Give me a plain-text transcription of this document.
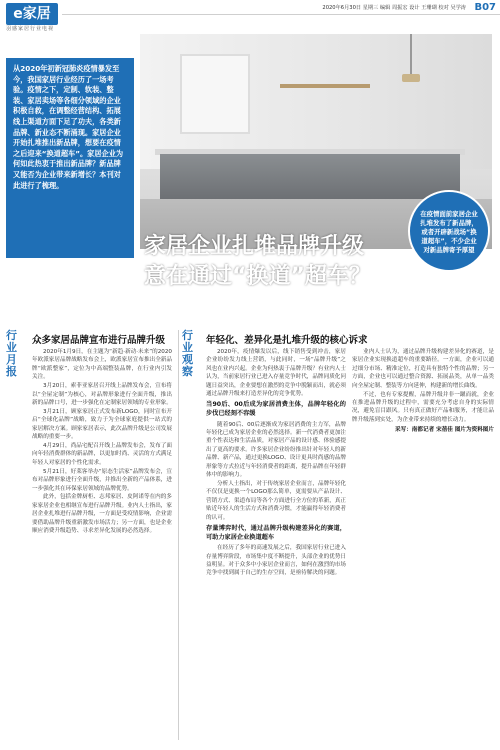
e家居
羽感家居行业电视
2020年6月30日 星期三 编辑 周振宏 设计 王珊瑚 校对 吴学涛 B07
从2020年初新冠肺炎疫情暴发至今，我国家居行业经历了一场考验。疫情之下，定制、软装、整装、家居卖场等各细分领域的企业积极自救，在调整经营结构、拓展线上渠道方面下足了功夫，各类新品牌、新业态不断涌现。家居企业开始扎堆推出新品牌，想要在疫情之后迎来“换道超车”。家居企业为何如此热衷于推出新品牌？新品牌又能否为企业带来新增长？本刊对此进行了梳理。
家居企业扎堆品牌升级
意在通过“换道”超车？
在疫情面前家居企业扎堆发布了新品牌，或者开辟新战场“换道超车”，不少企业对新品牌寄予厚望
行业月报
众多家居品牌宣布进行品牌升级

2020年1月9日，在主题为“新趋·新动·未来”的2020年欧派家居品牌战略发布会上，欧派家居宣布推出全新品牌“欧派整家”，定位为中高端整装品牌，在行业内引发关注。

3月20日，索菲亚家居召开线上品牌发布会，宣布将以“全屋定制”为核心，对品牌形象进行全面升级，推出新的品牌口号，进一步强化在定制家居领域的专业形象。

3月21日，顾家家居正式发布新LOGO，同时宣布开启“全球化品牌”战略，致力于为全球家庭提供一站式的家居解决方案。顾家家居表示，此次品牌升级是公司发展战略的重要一步。

4月29日，尚品宅配召开线上品牌发布会，发布了面向年轻消费群体的新品牌，以更加时尚、灵活的方式满足年轻人对家居的个性化需求。

5月21日，好莱客举办“原态生活家”品牌发布会，宣布对品牌形象进行全面升级，并推出全新的产品体系，进一步强化其在环保家居领域的品牌优势。

此外，包括金牌厨柜、志邦家居、皮阿诺等在内的多家家居企业也相继宣布进行品牌升级。业内人士指出，家居企业扎堆进行品牌升级，一方面是受疫情影响，企业需要借助品牌升级重新激发市场活力；另一方面，也是企业顺应消费升级趋势、寻求差异化发展的必然选择。

行业观察
年轻化、差异化是扎堆升级的核心诉求

2020年，疫情爆发以后，线下销售受到冲击，家居企业纷纷发力线上营销，与此同时，一场“品牌升级”之风也在业内兴起。企业为何热衷于品牌升级？有业内人士认为，当前家居行业已进入存量竞争时代，品牌同质化问题日益突出，企业要想在激烈的竞争中脱颖而出，就必须通过品牌升级来打造差异化的竞争优势。

当90后、00后成为家居消费主体，品牌年轻化的步伐已经刻不容缓

随着90后、00后逐渐成为家居消费的主力军，品牌年轻化已成为家居企业的必然选择。新一代消费者更加注重个性表达和生活品质，对家居产品的设计感、体验感提出了更高的要求。许多家居企业纷纷推出针对年轻人的新品牌、新产品，通过更换LOGO、设计更具时尚感的品牌形象等方式拉近与年轻消费者的距离，提升品牌在年轻群体中的影响力。

分析人士指出，对于传统家居企业而言，品牌年轻化不仅仅是更换一个LOGO那么简单，更需要从产品设计、营销方式、渠道布局等各个方面进行全方位的革新，真正贴近年轻人的生活方式和消费习惯，才能赢得年轻消费者的认可。

存量博弈时代，通过品牌升级构建差异化的赛道，可助力家居企业换道超车

在经历了多年的高速发展之后，我国家居行业已进入存量博弈阶段，市场集中度不断提升，头部企业的优势日益明显。对于众多中小家居企业而言，如何在激烈的市场竞争中找到属于自己的生存空间，是亟待解决的问题。

业内人士认为，通过品牌升级构建差异化的赛道，是家居企业实现换道超车的重要路径。一方面，企业可以通过细分市场、精准定位，打造具有独特个性的品牌；另一方面，企业也可以通过整合资源、拓展品类，从单一品类向全屋定制、整装等方向延伸，构建新的增长曲线。

不过，也有专家提醒，品牌升级并非一蹴而就，企业在推进品牌升级的过程中，需要充分考虑自身的实际情况，避免盲目跟风。只有真正做好产品和服务，才能让品牌升级落到实处，为企业带来持续的增长动力。

采写：南都记者 宋蓓佳 图片为资料图片
